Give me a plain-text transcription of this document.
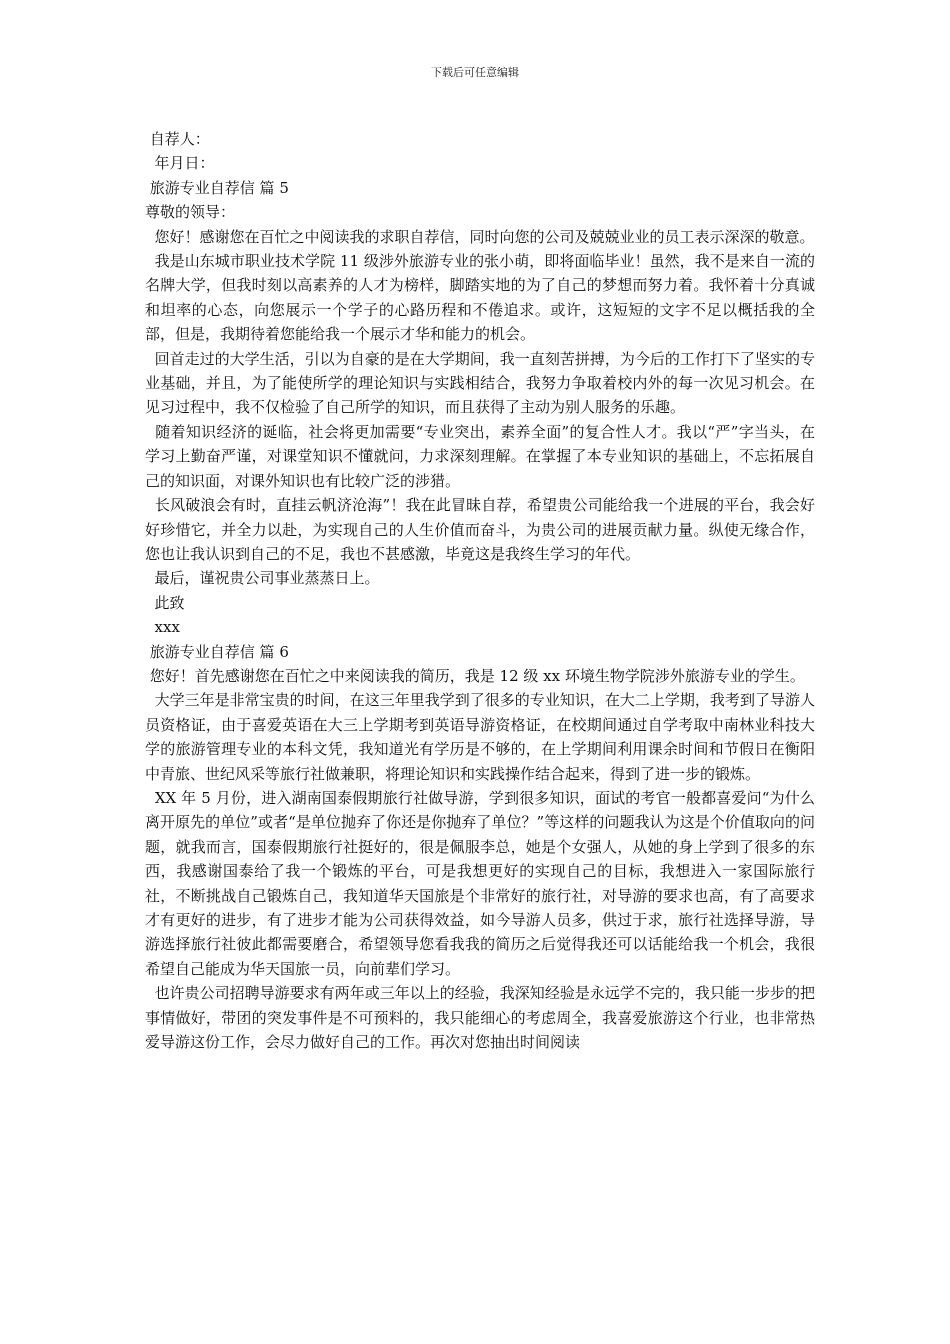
下载后可任意编辑

自荐人：

年月日：

旅游专业自荐信 篇 5

尊敬的领导：

您好！感谢您在百忙之中阅读我的求职自荐信，同时向您的公司及兢兢业业的员工表示深深的敬意。

我是山东城市职业技术学院 11 级涉外旅游专业的张小萌，即将面临毕业！虽然，我不是来自一流的名牌大学，但我时刻以高素养的人才为榜样，脚踏实地的为了自己的梦想而努力着。我怀着十分真诚和坦率的心态，向您展示一个学子的心路历程和不倦追求。或许，这短短的文字不足以概括我的全部，但是，我期待着您能给我一个展示才华和能力的机会。

回首走过的大学生活，引以为自豪的是在大学期间，我一直刻苦拼搏，为今后的工作打下了坚实的专业基础，并且，为了能使所学的理论知识与实践相结合，我努力争取着校内外的每一次见习机会。在见习过程中，我不仅检验了自己所学的知识，而且获得了主动为别人服务的乐趣。

随着知识经济的诞临，社会将更加需要“专业突出，素养全面”的复合性人才。我以“严”字当头，在学习上勤奋严谨，对课堂知识不懂就问，力求深刻理解。在掌握了本专业知识的基础上，不忘拓展自己的知识面，对课外知识也有比较广泛的涉猎。

长风破浪会有时，直挂云帆济沧海”！我在此冒昧自荐，希望贵公司能给我一个进展的平台，我会好好珍惜它，并全力以赴，为实现自己的人生价值而奋斗，为贵公司的进展贡献力量。纵使无缘合作，您也让我认识到自己的不足，我也不甚感激，毕竟这是我终生学习的年代。

最后，谨祝贵公司事业蒸蒸日上。

此致

xxx

旅游专业自荐信 篇 6

您好！首先感谢您在百忙之中来阅读我的简历，我是 12 级 xx 环境生物学院涉外旅游专业的学生。

大学三年是非常宝贵的时间，在这三年里我学到了很多的专业知识，在大二上学期，我考到了导游人员资格证，由于喜爱英语在大三上学期考到英语导游资格证，在校期间通过自学考取中南林业科技大学的旅游管理专业的本科文凭，我知道光有学历是不够的，在上学期间利用课余时间和节假日在衡阳中青旅、世纪风采等旅行社做兼职，将理论知识和实践操作结合起来，得到了进一步的锻炼。

XX 年 5 月份，进入湖南国泰假期旅行社做导游，学到很多知识，面试的考官一般都喜爱问“为什么离开原先的单位”或者“是单位抛弃了你还是你抛弃了单位？”等这样的问题我认为这是个价值取向的问题，就我而言，国泰假期旅行社挺好的，很是佩服李总，她是个女强人，从她的身上学到了很多的东西，我感谢国泰给了我一个锻炼的平台，可是我想更好的实现自己的目标，我想进入一家国际旅行社，不断挑战自己锻炼自己，我知道华天国旅是个非常好的旅行社，对导游的要求也高，有了高要求才有更好的进步，有了进步才能为公司获得效益，如今导游人员多，供过于求，旅行社选择导游，导游选择旅行社彼此都需要磨合，希望领导您看我我的简历之后觉得我还可以话能给我一个机会，我很希望自己能成为华天国旅一员，向前辈们学习。

也许贵公司招聘导游要求有两年或三年以上的经验，我深知经验是永远学不完的，我只能一步步的把事情做好，带团的突发事件是不可预料的，我只能细心的考虑周全，我喜爱旅游这个行业，也非常热爱导游这份工作，会尽力做好自己的工作。再次对您抽出时间阅读
